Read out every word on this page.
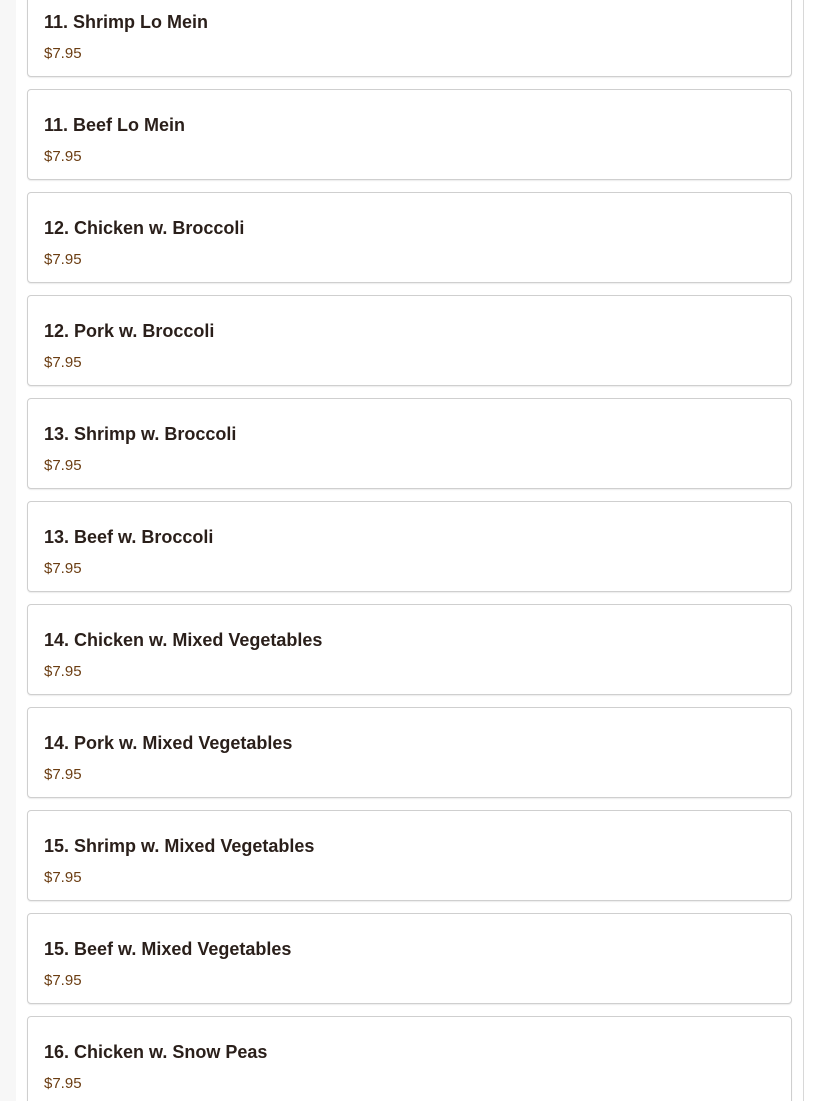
11. Shrimp Lo Mein
$7.95
11. Beef Lo Mein
$7.95
12. Chicken w. Broccoli
$7.95
12. Pork w. Broccoli
$7.95
13. Shrimp w. Broccoli
$7.95
13. Beef w. Broccoli
$7.95
14. Chicken w. Mixed Vegetables
$7.95
14. Pork w. Mixed Vegetables
$7.95
15. Shrimp w. Mixed Vegetables
$7.95
15. Beef w. Mixed Vegetables
$7.95
16. Chicken w. Snow Peas
$7.95
